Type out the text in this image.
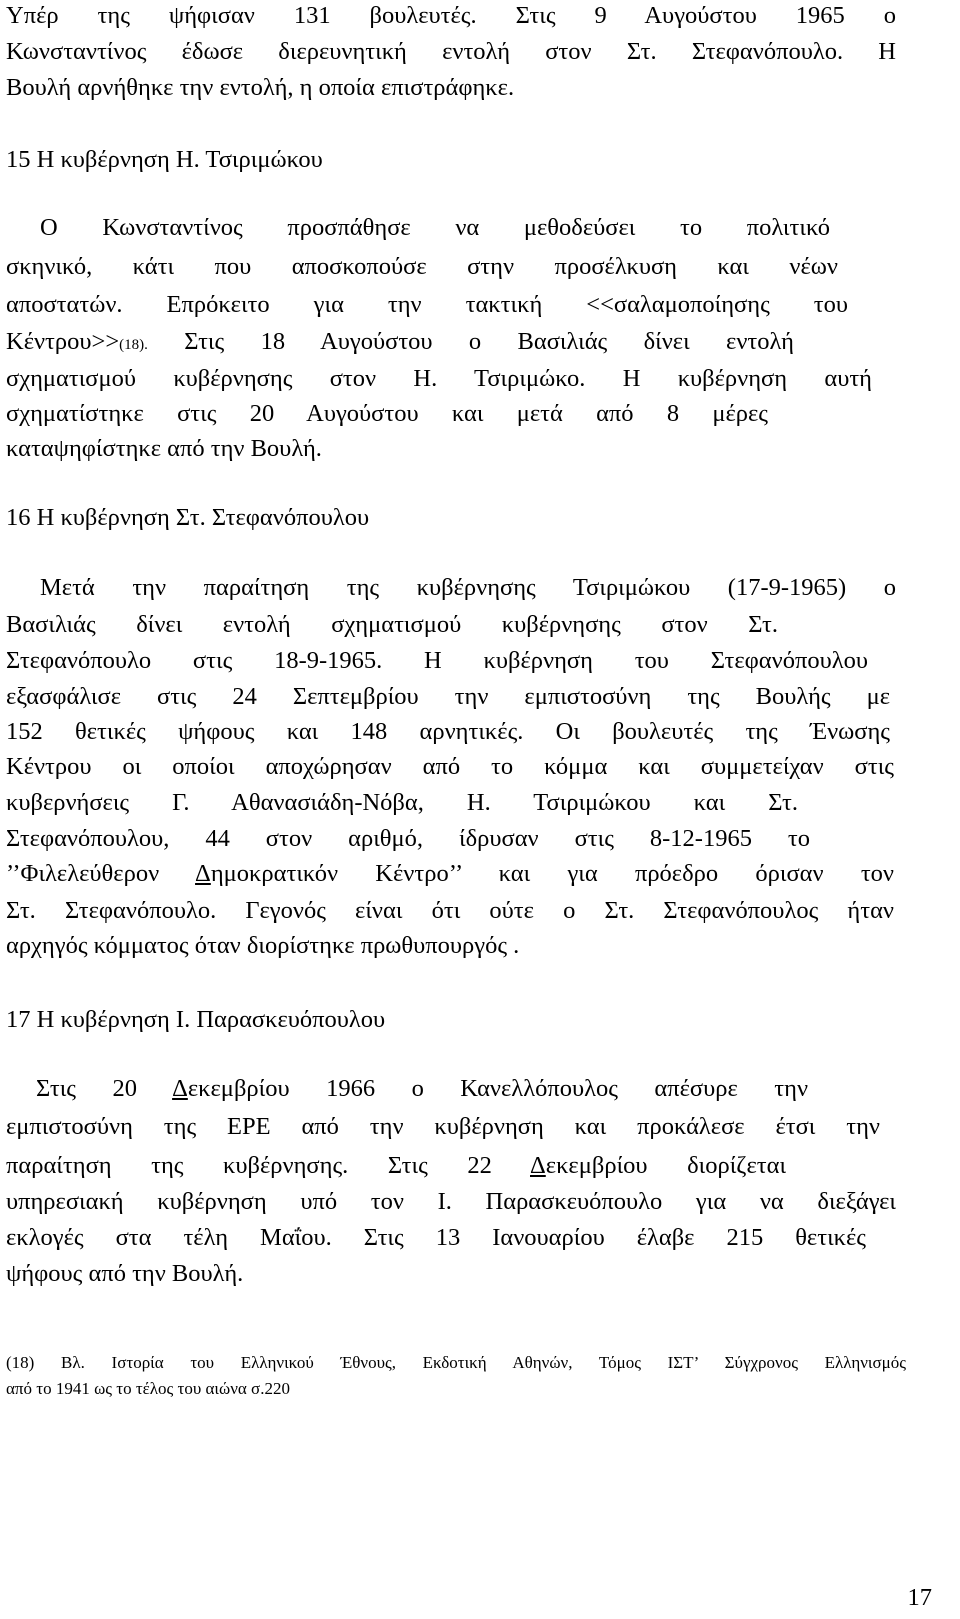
Υπέρ της ψήφισαν 131 βουλευτές. Στις 9 Αυγούστου 1965 ο
Κωνσταντίνος έδωσε διερευνητική εντολή στον Στ. Στεφανόπουλο. Η
Βουλή αρνήθηκε την εντολή, η οποία επιστράφηκε.
15 Η κυβέρνηση Η. Τσιριμώκου
Ο Κωνσταντίνος προσπάθησε να μεθοδεύσει το πολιτικό
σκηνικό, κάτι που αποσκοπούσε στην προσέλκυση και νέων
αποστατών. Επρόκειτο για την τακτική <<σαλαμοποίησης του
Κέντρου>>(18). Στις 18 Αυγούστου ο Βασιλιάς δίνει εντολή
σχηματισμού κυβέρνησης στον Η. Τσιριμώκο. Η κυβέρνηση αυτή
σχηματίστηκε στις 20 Αυγούστου και μετά από 8 μέρες
καταψηφίστηκε από την Βουλή.
16 Η κυβέρνηση Στ. Στεφανόπουλου
Μετά την παραίτηση της κυβέρνησης Τσιριμώκου (17-9-1965) ο
Βασιλιάς δίνει εντολή σχηματισμού κυβέρνησης στον Στ.
Στεφανόπουλο στις 18-9-1965. Η κυβέρνηση του Στεφανόπουλου
εξασφάλισε στις 24 Σεπτεμβρίου την εμπιστοσύνη της Βουλής με
152 θετικές ψήφους και 148 αρνητικές. Οι βουλευτές της Ένωσης
Κέντρου οι οποίοι αποχώρησαν από το κόμμα και συμμετείχαν στις
κυβερνήσεις Γ. Αθανασιάδη-Νόβα, Η. Τσιριμώκου και Στ.
Στεφανόπουλου, 44 στον αριθμό, ίδρυσαν στις 8-12-1965 το
’’Φιλελεύθερον Δημοκρατικόν Κέντρο’’ και για πρόεδρο όρισαν τον
Στ. Στεφανόπουλο. Γεγονός είναι ότι ούτε ο Στ. Στεφανόπουλος ήταν
αρχηγός κόμματος όταν διορίστηκε πρωθυπουργός .
17 Η κυβέρνηση Ι. Παρασκευόπουλου
Στις 20 Δεκεμβρίου 1966 ο Κανελλόπουλος απέσυρε την
εμπιστοσύνη της ΕΡΕ από την κυβέρνηση και προκάλεσε έτσι την
παραίτηση της κυβέρνησης. Στις 22 Δεκεμβρίου διορίζεται
υπηρεσιακή κυβέρνηση υπό τον Ι. Παρασκευόπουλο για να διεξάγει
εκλογές στα τέλη Μαΐου. Στις 13 Ιανουαρίου έλαβε 215 θετικές
ψήφους από την Βουλή.
(18) Βλ. Ιστορία του Ελληνικού Έθνους, Εκδοτική Αθηνών, Τόμος ΙΣΤ’ Σύγχρονος Ελληνισμός
από το 1941 ως το τέλος του αιώνα σ.220
17
